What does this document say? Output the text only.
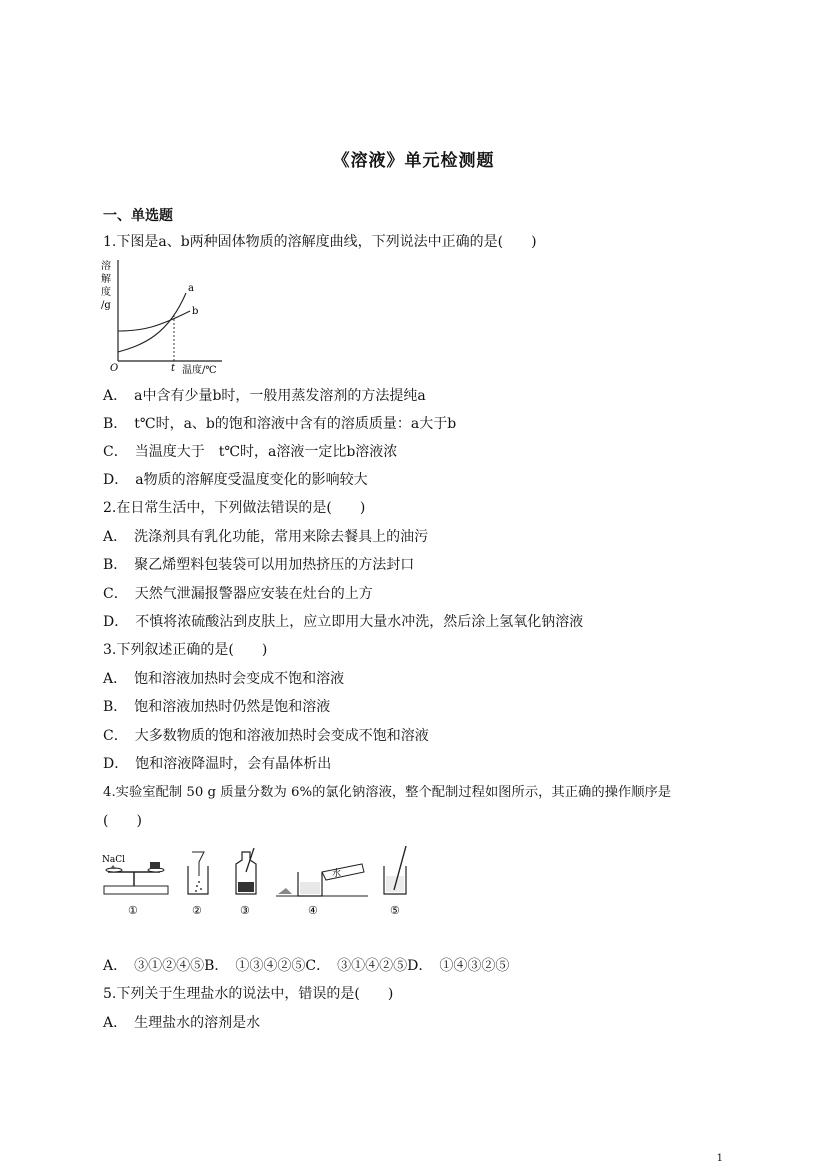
《溶液》单元检测题
一、单选题
1.下图是a、b两种固体物质的溶解度曲线，下列说法中正确的是(　　)
溶
解
度
/g
a
b
O	t 温度/℃
A．　a中含有少量b时，一般用蒸发溶剂的方法提纯a
B．　t℃时，a、b的饱和溶液中含有的溶质质量：a大于b
C．　当温度大于　t℃时，a溶液一定比b溶液浓
D．　a物质的溶解度受温度变化的影响较大
2.在日常生活中，下列做法错误的是(　　)
A．　洗涤剂具有乳化功能，常用来除去餐具上的油污
B．　聚乙烯塑料包装袋可以用加热挤压的方法封口
C．　天然气泄漏报警器应安装在灶台的上方
D．　不慎将浓硫酸沾到皮肤上，应立即用大量水冲洗，然后涂上氢氧化钠溶液
3.下列叙述正确的是(　　)
A．　饱和溶液加热时会变成不饱和溶液
B．　饱和溶液加热时仍然是饱和溶液
C．　大多数物质的饱和溶液加热时会变成不饱和溶液
D．　饱和溶液降温时，会有晶体析出
4.实验室配制 50 g 质量分数为 6%的氯化钠溶液，整个配制过程如图所示，其正确的操作顺序是
(　　)
NaCl
①	②	③
水
④	⑤
A．　③①②④⑤B．　①③④②⑤C．　③①④②⑤D．　①④③②⑤
5.下列关于生理盐水的说法中，错误的是(　　)
A．　生理盐水的溶剂是水
1
